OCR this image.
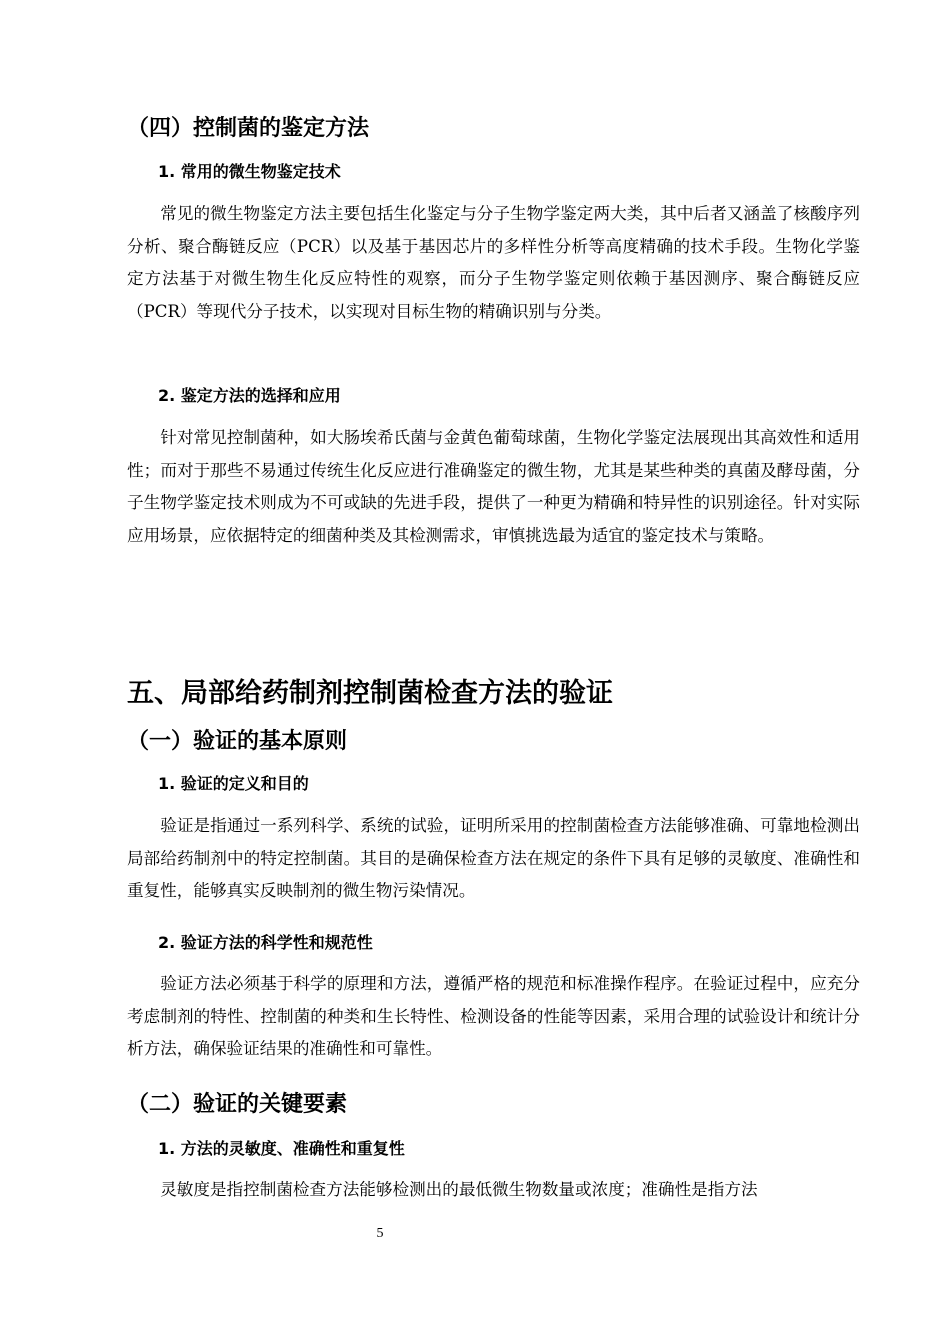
（四）控制菌的鉴定方法
1. 常用的微生物鉴定技术

常见的微生物鉴定方法主要包括生化鉴定与分子生物学鉴定两大类，其中后者又涵盖了核酸序列分析、聚合酶链反应（PCR）以及基于基因芯片的多样性分析等高度精确的技术手段。生物化学鉴定方法基于对微生物生化反应特性的观察，而分子生物学鉴定则依赖于基因测序、聚合酶链反应（PCR）等现代分子技术，以实现对目标生物的精确识别与分类。

2. 鉴定方法的选择和应用

针对常见控制菌种，如大肠埃希氏菌与金黄色葡萄球菌，生物化学鉴定法展现出其高效性和适用性；而对于那些不易通过传统生化反应进行准确鉴定的微生物，尤其是某些种类的真菌及酵母菌，分子生物学鉴定技术则成为不可或缺的先进手段，提供了一种更为精确和特异性的识别途径。针对实际应用场景，应依据特定的细菌种类及其检测需求，审慎挑选最为适宜的鉴定技术与策略。

五、局部给药制剂控制菌检查方法的验证
（一）验证的基本原则
1. 验证的定义和目的

验证是指通过一系列科学、系统的试验，证明所采用的控制菌检查方法能够准确、可靠地检测出局部给药制剂中的特定控制菌。其目的是确保检查方法在规定的条件下具有足够的灵敏度、准确性和重复性，能够真实反映制剂的微生物污染情况。

2. 验证方法的科学性和规范性

验证方法必须基于科学的原理和方法，遵循严格的规范和标准操作程序。在验证过程中，应充分考虑制剂的特性、控制菌的种类和生长特性、检测设备的性能等因素，采用合理的试验设计和统计分析方法，确保验证结果的准确性和可靠性。

（二）验证的关键要素
1. 方法的灵敏度、准确性和重复性

灵敏度是指控制菌检查方法能够检测出的最低微生物数量或浓度；准确性是指方法

5
